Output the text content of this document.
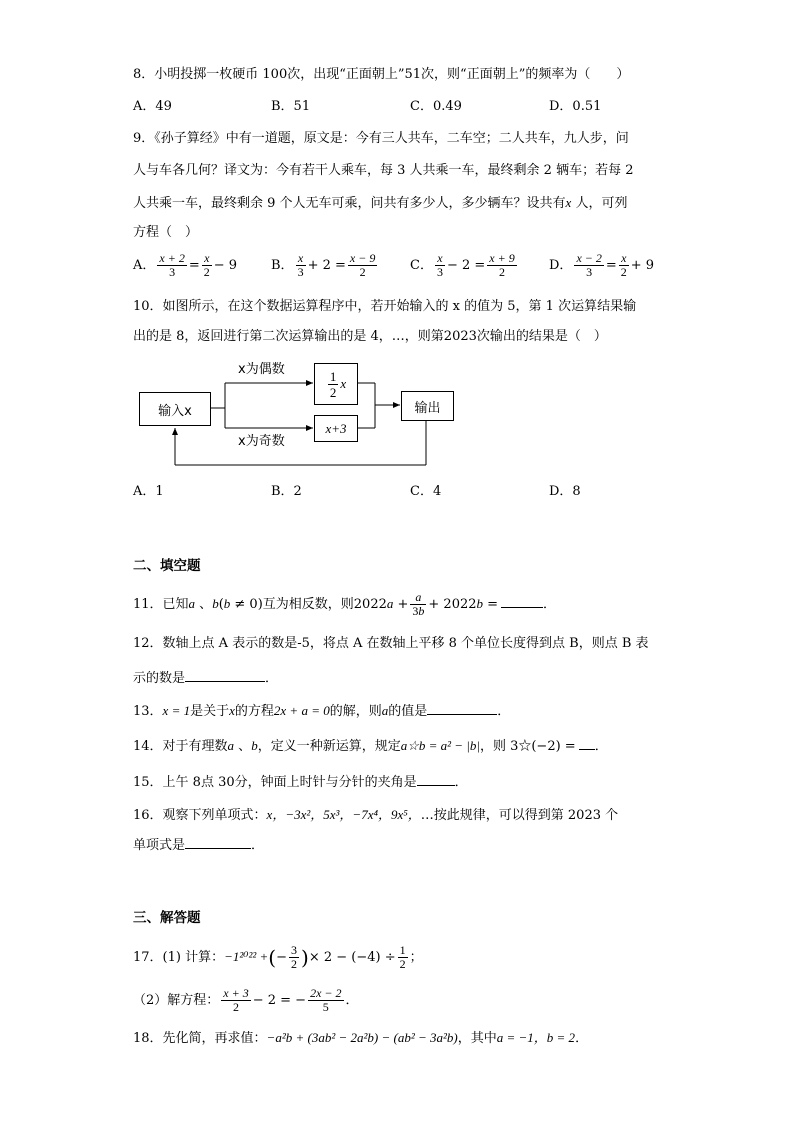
8．小明投掷一枚硬币 100次，出现“正面朝上”51次，则“正面朝上”的频率为（　　）
A．49	B．51	C．0.49	D．0.51
9．《孙子算经》中有一道题，原文是：今有三人共车，二车空；二人共车，九人步，问
人与车各几何？译文为：今有若干人乘车，每 3 人共乘一车，最终剩余 2 辆车；若每 2
人共乘一车，最终剩余 9 个人无车可乘，问共有多少人，多少辆车？设共有x 人，可列
方程（　）
A． $\frac{x + 2}{3} = \frac{x}{2} - 9$	B． $\frac{x}{3} + 2 = \frac{x - 9}{2}$	C． $\frac{x}{3} - 2 = \frac{x + 9}{2}$ D． $\frac{x - 2}{3} = \frac{x}{2} + 9$
10．如图所示，在这个数据运算程序中，若开始输入的 x 的值为 5，第 1 次运算结果输
出的是 8，返回进行第二次运算输出的是 4，…，则第2023次输出的结果是（　）
输入x
x为偶数
x为奇数
$\frac{1}{2}$ x
x+3
输出
A．1	B．2	C．4	D．8
二、填空题
11．已知a 、b(b ≠ 0)互为相反数，则$2022a + \frac{a}{3b} + 2022b$ =	．
12．数轴上点 A 表示的数是-5，将点 A 在数轴上平移 8 个单位长度得到点 B，则点 B 表
示的数是	．
13．x = 1是关于x的方程2x + a = 0的解，则a的值是	．
14．对于有理数a 、b，定义一种新运算，规定a☆b = a² − |b|，则 3☆(−2) = ．
15．上午 8点 30分，钟面上时针与分针的夹角是	．
16．观察下列单项式：x，−3x²，5x³，−7x⁴，9x⁵，…按此规律，可以得到第 2023 个
单项式是	．
三、解答题
17．(1) 计算：−1²⁰²² +(− $\frac{3}{2}$ )× $2 - (-4) \div \frac{1}{2}$ ；
（2）解方程： $\frac{x + 3}{2} - 2$ = − $\frac{2x - 2}{5}$ ．
18．先化简，再求值：−a²b + (3ab² − 2a²b) − (ab² − 3a²b)，其中a = −1，b = 2．
